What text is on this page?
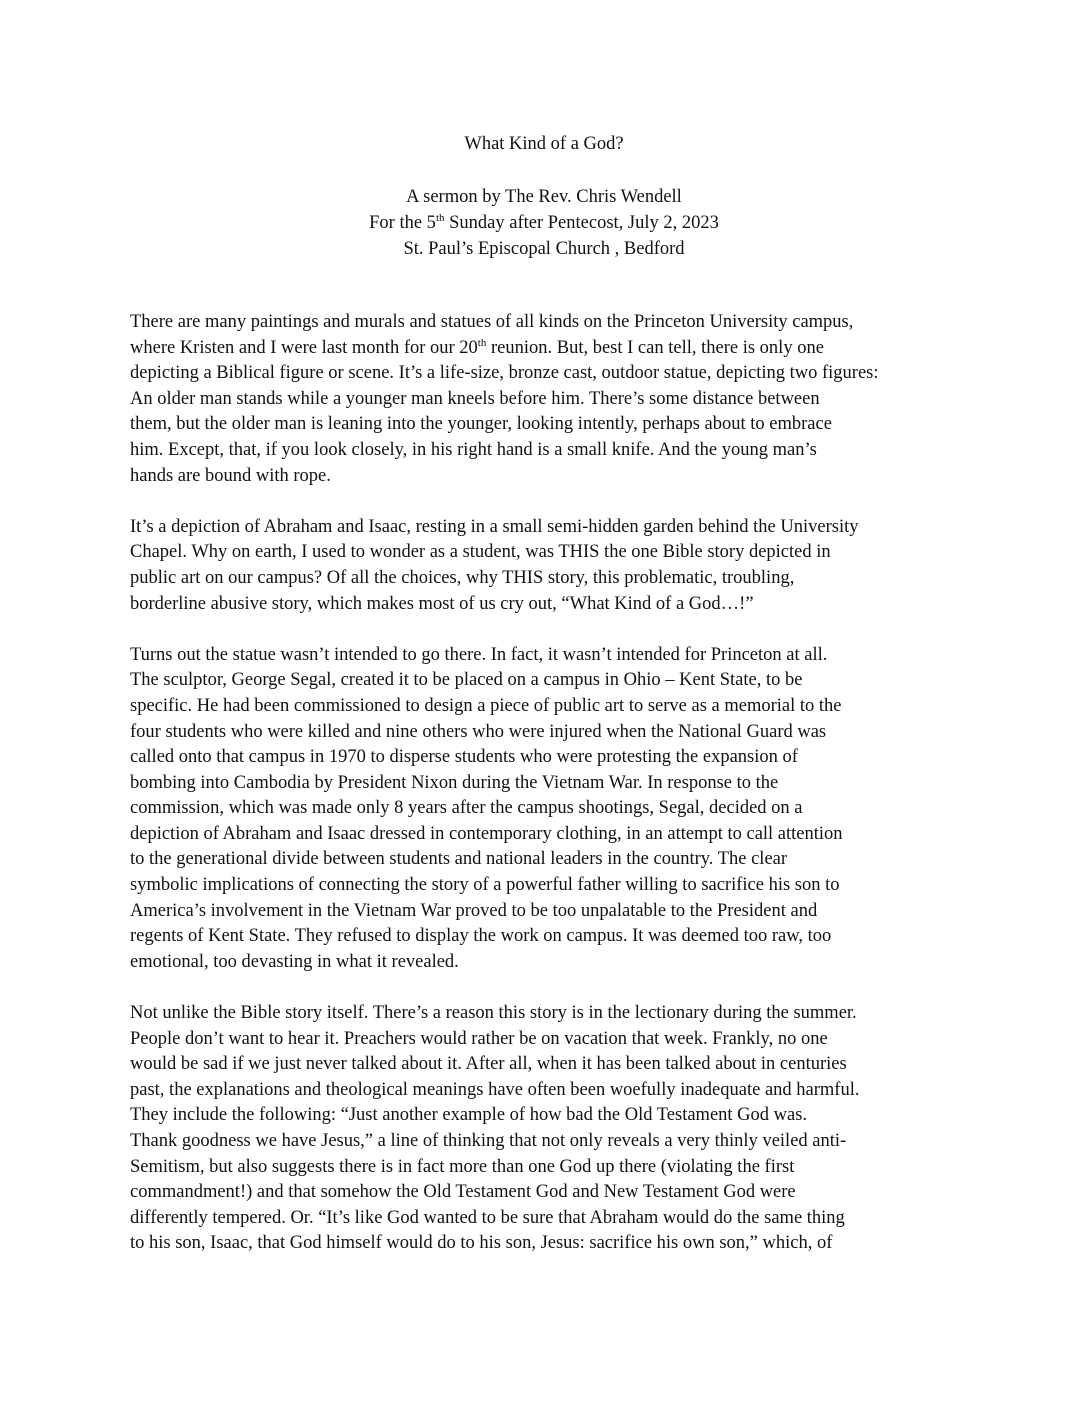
What Kind of a God?
A sermon by The Rev. Chris Wendell
For the 5th Sunday after Pentecost, July 2, 2023
St. Paul’s Episcopal Church , Bedford
There are many paintings and murals and statues of all kinds on the Princeton University campus,
where Kristen and I were last month for our 20th reunion. But, best I can tell, there is only one
depicting a Biblical figure or scene. It’s a life-size, bronze cast, outdoor statue, depicting two figures:
An older man stands while a younger man kneels before him. There’s some distance between
them, but the older man is leaning into the younger, looking intently, perhaps about to embrace
him. Except, that, if you look closely, in his right hand is a small knife. And the young man’s
hands are bound with rope.
It’s a depiction of Abraham and Isaac, resting in a small semi-hidden garden behind the University
Chapel. Why on earth, I used to wonder as a student, was THIS the one Bible story depicted in
public art on our campus? Of all the choices, why THIS story, this problematic, troubling,
borderline abusive story, which makes most of us cry out, “What Kind of a God…!”
Turns out the statue wasn’t intended to go there. In fact, it wasn’t intended for Princeton at all.
The sculptor, George Segal, created it to be placed on a campus in Ohio – Kent State, to be
specific. He had been commissioned to design a piece of public art to serve as a memorial to the
four students who were killed and nine others who were injured when the National Guard was
called onto that campus in 1970 to disperse students who were protesting the expansion of
bombing into Cambodia by President Nixon during the Vietnam War. In response to the
commission, which was made only 8 years after the campus shootings, Segal, decided on a
depiction of Abraham and Isaac dressed in contemporary clothing, in an attempt to call attention
to the generational divide between students and national leaders in the country. The clear
symbolic implications of connecting the story of a powerful father willing to sacrifice his son to
America’s involvement in the Vietnam War proved to be too unpalatable to the President and
regents of Kent State. They refused to display the work on campus. It was deemed too raw, too
emotional, too devasting in what it revealed.
Not unlike the Bible story itself. There’s a reason this story is in the lectionary during the summer.
People don’t want to hear it. Preachers would rather be on vacation that week. Frankly, no one
would be sad if we just never talked about it. After all, when it has been talked about in centuries
past, the explanations and theological meanings have often been woefully inadequate and harmful.
They include the following: “Just another example of how bad the Old Testament God was.
Thank goodness we have Jesus,” a line of thinking that not only reveals a very thinly veiled anti-
Semitism, but also suggests there is in fact more than one God up there (violating the first
commandment!) and that somehow the Old Testament God and New Testament God were
differently tempered. Or. “It’s like God wanted to be sure that Abraham would do the same thing
to his son, Isaac, that God himself would do to his son, Jesus: sacrifice his own son,” which, of
